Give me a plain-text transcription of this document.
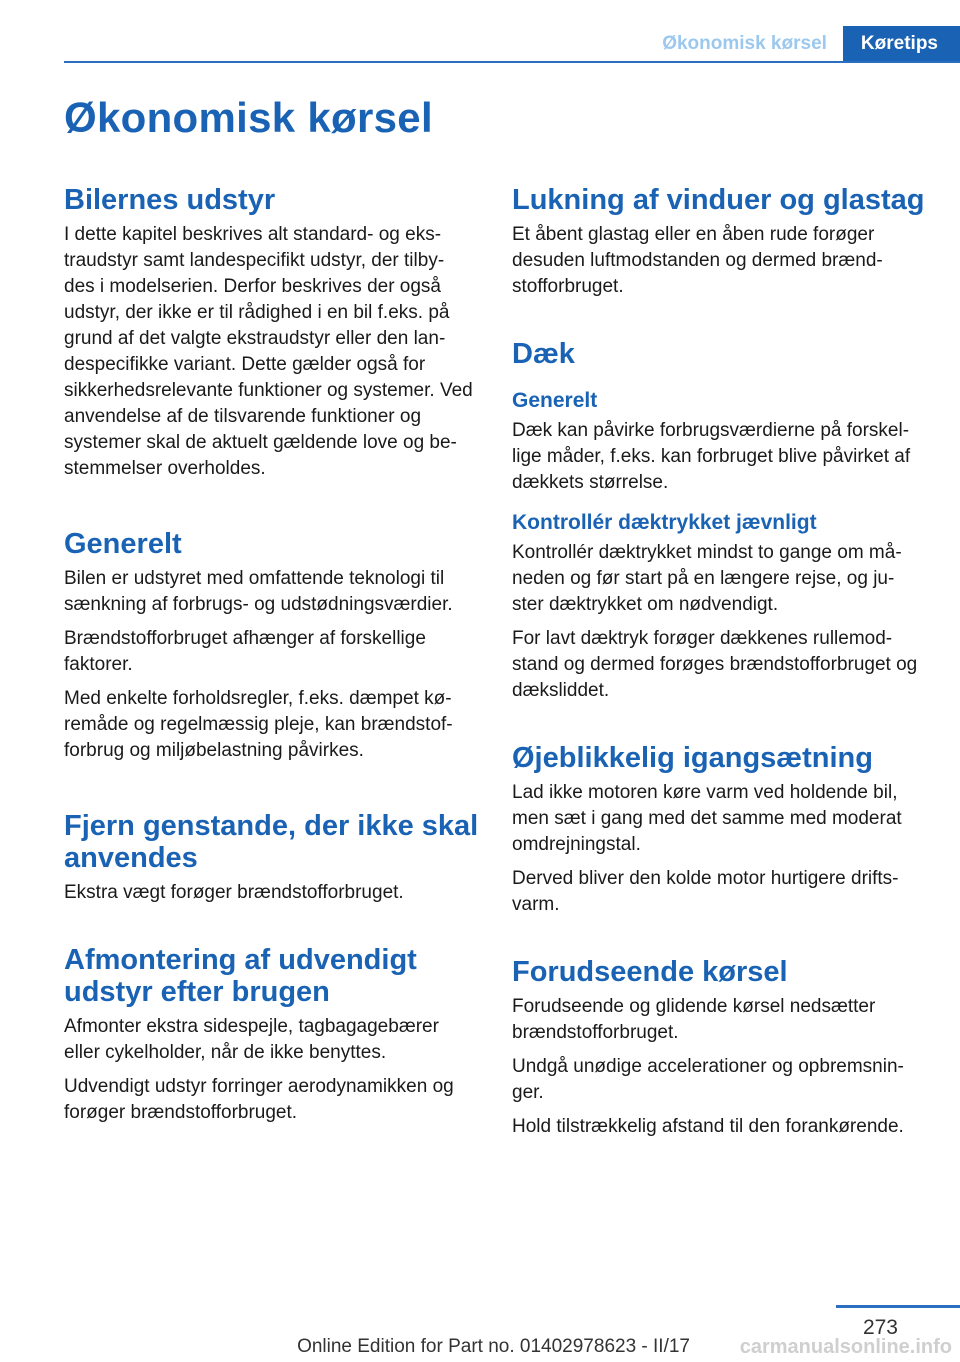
Økonomisk kørsel	Køretips
Økonomisk kørsel
Bilernes udstyr

I dette kapitel beskrives alt standard- og eks‐ traudstyr samt landespecifikt udstyr, der tilby‐ des i modelserien. Derfor beskrives der også udstyr, der ikke er til rådighed i en bil f.eks. på grund af det valgte ekstraudstyr eller den lan‐ despecifikke variant. Dette gælder også for sikkerhedsrelevante funktioner og systemer. Ved anvendelse af de tilsvarende funktioner og systemer skal de aktuelt gældende love og be‐ stemmelser overholdes.

Generelt

Bilen er udstyret med omfattende teknologi til sænkning af forbrugs- og udstødningsværdier.

Brændstofforbruget afhænger af forskellige faktorer.

Med enkelte forholdsregler, f.eks. dæmpet kø‐ remåde og regelmæssig pleje, kan brændstof‐ forbrug og miljøbelastning påvirkes.

Fjern genstande, der ikke skal anvendes

Ekstra vægt forøger brændstofforbruget.

Afmontering af udvendigt udstyr efter brugen

Afmonter ekstra sidespejle, tagbagagebærer eller cykelholder, når de ikke benyttes.

Udvendigt udstyr forringer aerodynamikken og forøger brændstofforbruget.

Lukning af vinduer og glastag

Et åbent glastag eller en åben rude forøger desuden luftmodstanden og dermed brænd‐ stofforbruget.

Dæk
Generelt

Dæk kan påvirke forbrugsværdierne på forskel‐ lige måder, f.eks. kan forbruget blive påvirket af dækkets størrelse.

Kontrollér dæktrykket jævnligt

Kontrollér dæktrykket mindst to gange om må‐ neden og før start på en længere rejse, og ju‐ ster dæktrykket om nødvendigt.

For lavt dæktryk forøger dækkenes rullemod‐ stand og dermed forøges brændstofforbruget og dæksliddet.

Øjeblikkelig igangsætning

Lad ikke motoren køre varm ved holdende bil, men sæt i gang med det samme med moderat omdrejningstal.

Derved bliver den kolde motor hurtigere drifts‐ varm.

Forudseende kørsel

Forudseende og glidende kørsel nedsætter brændstofforbruget.

Undgå unødige accelerationer og opbremsnin‐ ger.

Hold tilstrækkelig afstand til den forankørende.

273
Online Edition for Part no. 01402978623 - II/17 carmanualsonline.info
